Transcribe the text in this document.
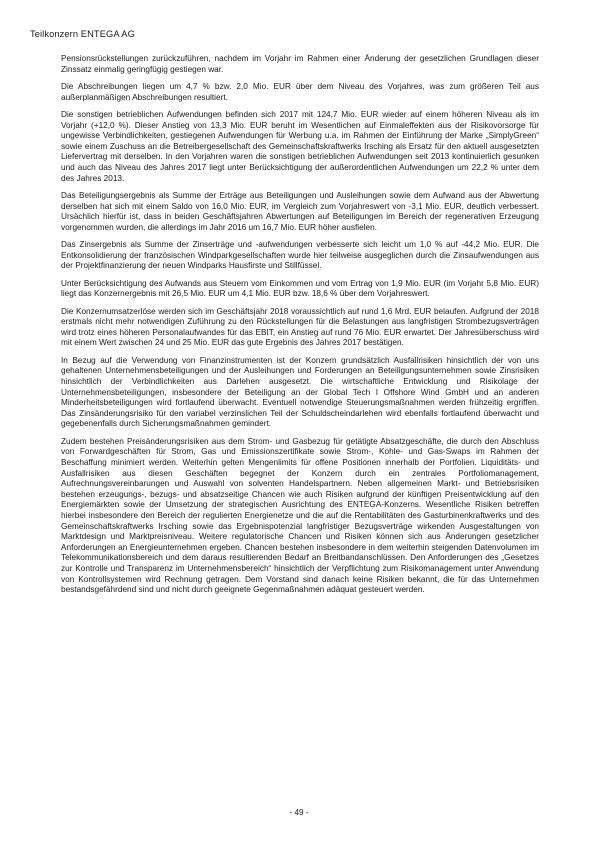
Teilkonzern ENTEGA AG

Pensionsrückstellungen zurückzuführen, nachdem im Vorjahr im Rahmen einer Änderung der gesetzlichen Grundlagen dieser Zinssatz einmalig geringfügig gestiegen war.

Die Abschreibungen liegen um 4,7 % bzw. 2,0 Mio. EUR über dem Niveau des Vorjahres, was zum größeren Teil aus außerplanmäßigen Abschreibungen resultiert.

Die sonstigen betrieblichen Aufwendungen befinden sich 2017 mit 124,7 Mio. EUR wieder auf einem höheren Niveau als im Vorjahr (+12,0 %). Dieser Anstieg von 13,3 Mio. EUR beruht im Wesentlichen auf Einmaleffekten aus der Risikovorsorge für ungewisse Verbindlichkeiten, gestiegenen Aufwendungen für Werbung u.a. im Rahmen der Einführung der Marke „SimplyGreen“ sowie einem Zuschuss an die Betreibergesellschaft des Gemeinschaftskraftwerks Irsching als Ersatz für den aktuell ausgesetzten Liefervertrag mit derselben. In den Vorjahren waren die sonstigen betrieblichen Aufwendungen seit 2013 kontinuierlich gesunken und auch das Niveau des Jahres 2017 liegt unter Berücksichtigung der außerordentlichen Aufwendungen um 22,2 % unter dem des Jahres 2013.

Das Beteiligungsergebnis als Summe der Erträge aus Beteiligungen und Ausleihungen sowie dem Aufwand aus der Abwertung derselben hat sich mit einem Saldo von 16,0 Mio. EUR, im Vergleich zum Vorjahreswert von -3,1 Mio. EUR, deutlich verbessert. Ursächlich hierfür ist, dass in beiden Geschäftsjahren Abwertungen auf Beteiligungen im Bereich der regenerativen Erzeugung vorgenommen wurden, die allerdings im Jahr 2016 um 16,7 Mio. EUR höher ausfielen.

Das Zinsergebnis als Summe der Zinserträge und -aufwendungen verbesserte sich leicht um 1,0 % auf -44,2 Mio. EUR. Die Entkonsolidierung der französischen Windparkgesellschaften wurde hier teilweise ausgeglichen durch die Zinsaufwendungen aus der Projektfinanzierung der neuen Windparks Hausfirste und Stillfüssel.

Unter Berücksichtigung des Aufwands aus Steuern vom Einkommen und vom Ertrag von 1,9 Mio. EUR (im Vorjahr 5,8 Mio. EUR) liegt das Konzernergebnis mit 26,5 Mio. EUR um 4,1 Mio. EUR bzw. 18,6 % über dem Vorjahreswert.

Die Konzernumsatzerlöse werden sich im Geschäftsjahr 2018 voraussichtlich auf rund 1,6 Mrd. EUR belaufen. Aufgrund der 2018 erstmals nicht mehr notwendigen Zuführung zu den Rückstellungen für die Belastungen aus langfristigen Strombezugsverträgen wird trotz eines höheren Personalaufwandes für das EBIT, ein Anstieg auf rund 76 Mio. EUR erwartet. Der Jahresüberschuss wird mit einem Wert zwischen 24 und 25 Mio. EUR das gute Ergebnis des Jahres 2017 bestätigen.

In Bezug auf die Verwendung von Finanzinstrumenten ist der Konzern grundsätzlich Ausfallrisiken hinsichtlich der von uns gehaltenen Unternehmensbeteiligungen und der Ausleihungen und Forderungen an Beteiligungsunternehmen sowie Zinsrisiken hinsichtlich der Verbindlichkeiten aus Darlehen ausgesetzt. Die wirtschaftliche Entwicklung und Risikolage der Unternehmensbeteiligungen, insbesondere der Beteiligung an der Global Tech I Offshore Wind GmbH und an anderen Minderheitsbeteiligungen wird fortlaufend überwacht. Eventuell notwendige Steuerungsmaßnahmen werden frühzeitig ergriffen. Das Zinsänderungsrisiko für den variabel verzinslichen Teil der Schuldscheindarlehen wird ebenfalls fortlaufend überwacht und gegebenenfalls durch Sicherungsmaßnahmen gemindert.

Zudem bestehen Preisänderungsrisiken aus dem Strom- und Gasbezug für getätigte Absatzgeschäfte, die durch den Abschluss von Forwardgeschäften für Strom, Gas und Emissionszertifikate sowie Strom-, Kohle- und Gas-Swaps im Rahmen der Beschaffung minimiert werden. Weiterhin gelten Mengenlimits für offene Positionen innerhalb der Portfolien. Liquiditäts- und Ausfallrisiken aus diesen Geschäften begegnet der Konzern durch ein zentrales Portfoliomanagement, Aufrechnungsvereinbarungen und Auswahl von solventen Handelspartnern. Neben allgemeinen Markt- und Betriebsrisiken bestehen erzeugungs-, bezugs- und absatzseitige Chancen wie auch Risiken aufgrund der künftigen Preisentwicklung auf den Energiemärkten sowie der Umsetzung der strategischen Ausrichtung des ENTEGA-Konzerns. Wesentliche Risiken betreffen hierbei insbesondere den Bereich der regulierten Energienetze und die auf die Rentabilitäten des Gasturbinenkraftwerks und des Gemeinschaftskraftwerks Irsching sowie das Ergebnispotenzial langfristiger Bezugsverträge wirkenden Ausgestaltungen von Marktdesign und Marktpreisniveau. Weitere regulatorische Chancen und Risiken können sich aus Änderungen gesetzlicher Anforderungen an Energieunternehmen ergeben. Chancen bestehen insbesondere in dem weiterhin steigenden Datenvolumen im Telekommunikationsbereich und dem daraus resultierenden Bedarf an Breitbandanschlüssen. Den Anforderungen des „Gesetzes zur Kontrolle und Transparenz im Unternehmensbereich“ hinsichtlich der Verpflichtung zum Risikomanagement unter Anwendung von Kontrollsystemen wird Rechnung getragen. Dem Vorstand sind danach keine Risiken bekannt, die für das Unternehmen bestandsgefährdend sind und nicht durch geeignete Gegenmaßnahmen adäquat gesteuert werden.

- 49 -
